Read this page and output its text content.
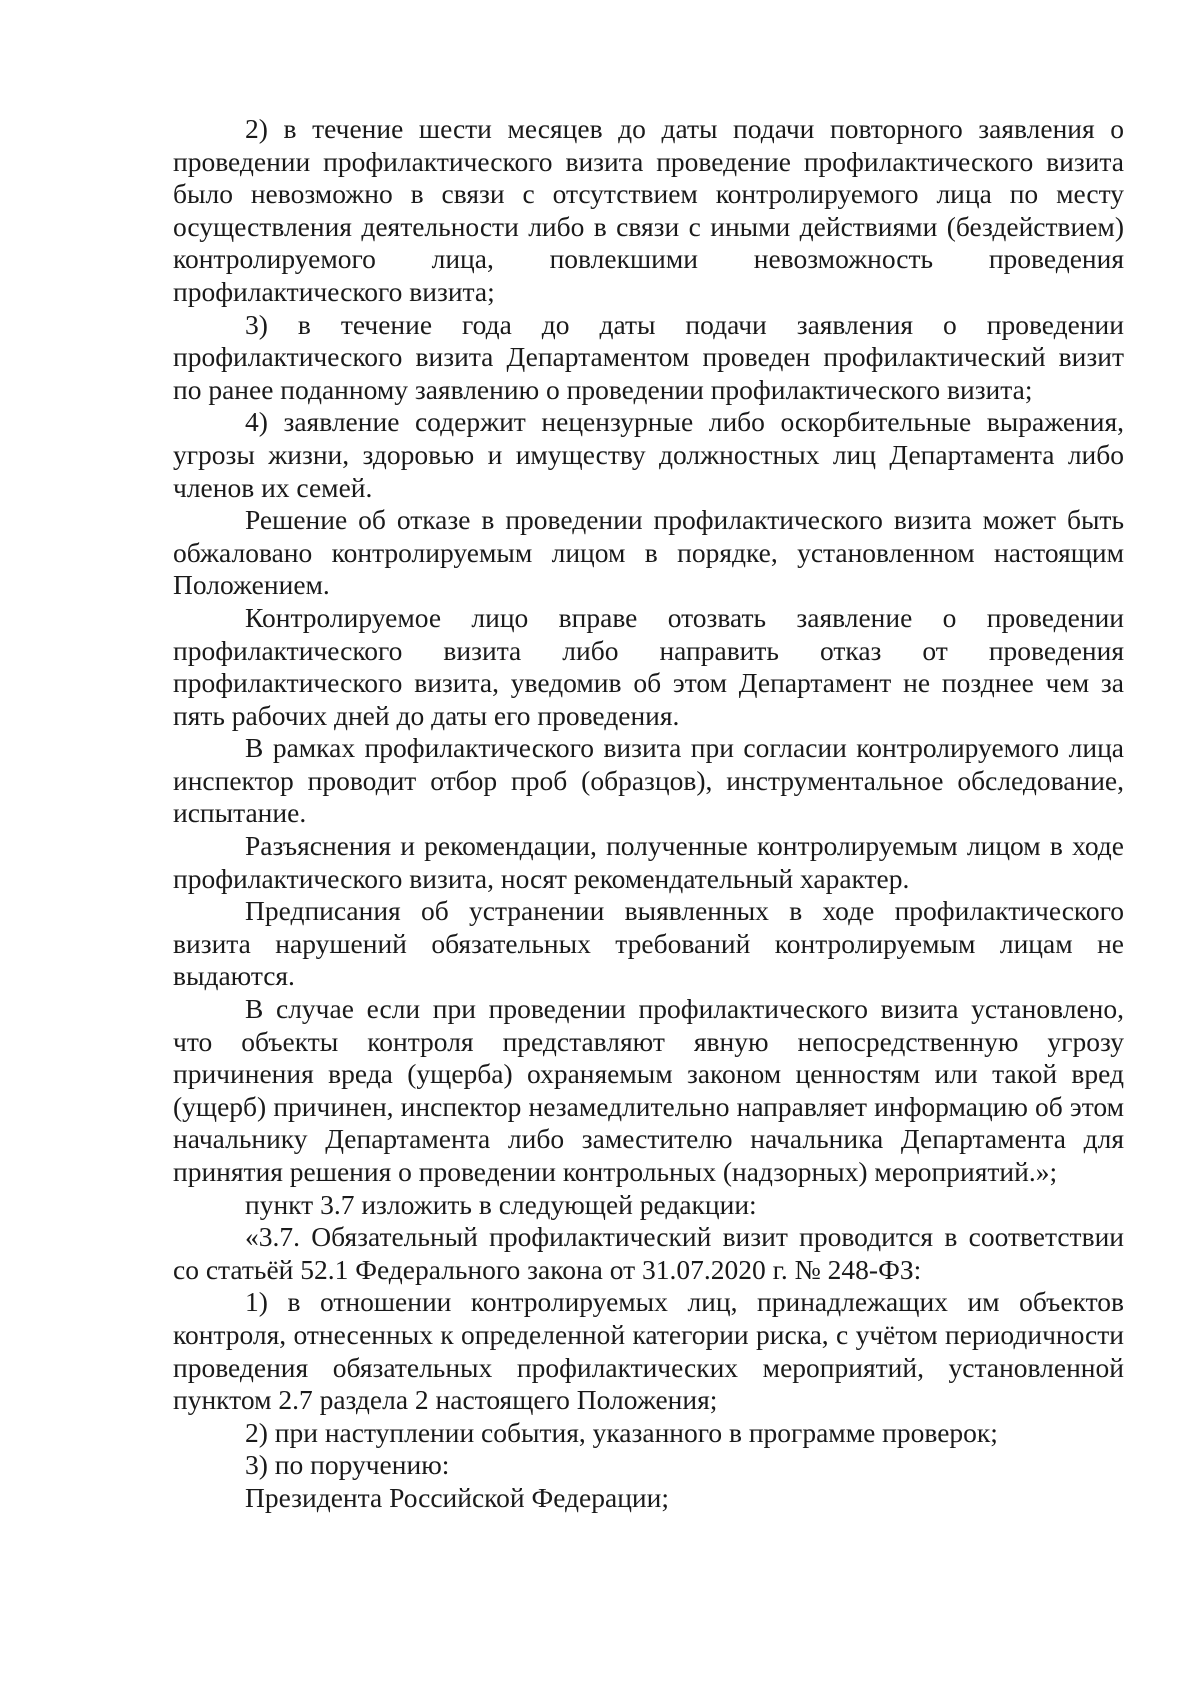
2) в течение шести месяцев до даты подачи повторного заявления о проведении профилактического визита проведение профилактического визита было невозможно в связи с отсутствием контролируемого лица по месту осуществления деятельности либо в связи с иными действиями (бездействием) контролируемого лица, повлекшими невозможность проведения профилактического визита;

3) в течение года до даты подачи заявления о проведении профилактического визита Департаментом проведен профилактический визит по ранее поданному заявлению о проведении профилактического визита;

4) заявление содержит нецензурные либо оскорбительные выражения, угрозы жизни, здоровью и имуществу должностных лиц Департамента либо членов их семей.

Решение об отказе в проведении профилактического визита может быть обжаловано контролируемым лицом в порядке, установленном настоящим Положением.

Контролируемое лицо вправе отозвать заявление о проведении профилактического визита либо направить отказ от проведения профилактического визита, уведомив об этом Департамент не позднее чем за пять рабочих дней до даты его проведения.

В рамках профилактического визита при согласии контролируемого лица инспектор проводит отбор проб (образцов), инструментальное обследование, испытание.

Разъяснения и рекомендации, полученные контролируемым лицом в ходе профилактического визита, носят рекомендательный характер.

Предписания об устранении выявленных в ходе профилактического визита нарушений обязательных требований контролируемым лицам не выдаются.

В случае если при проведении профилактического визита установлено, что объекты контроля представляют явную непосредственную угрозу причинения вреда (ущерба) охраняемым законом ценностям или такой вред (ущерб) причинен, инспектор незамедлительно направляет информацию об этом начальнику Департамента либо заместителю начальника Департамента для принятия решения о проведении контрольных (надзорных) мероприятий.»;

пункт 3.7 изложить в следующей редакции:

«3.7. Обязательный профилактический визит проводится в соответствии со статьёй 52.1 Федерального закона от 31.07.2020 г. № 248-ФЗ:

1) в отношении контролируемых лиц, принадлежащих им объектов контроля, отнесенных к определенной категории риска, с учётом периодичности проведения обязательных профилактических мероприятий, установленной пунктом 2.7 раздела 2 настоящего Положения;

2) при наступлении события, указанного в программе проверок;

3) по поручению:

Президента Российской Федерации;
